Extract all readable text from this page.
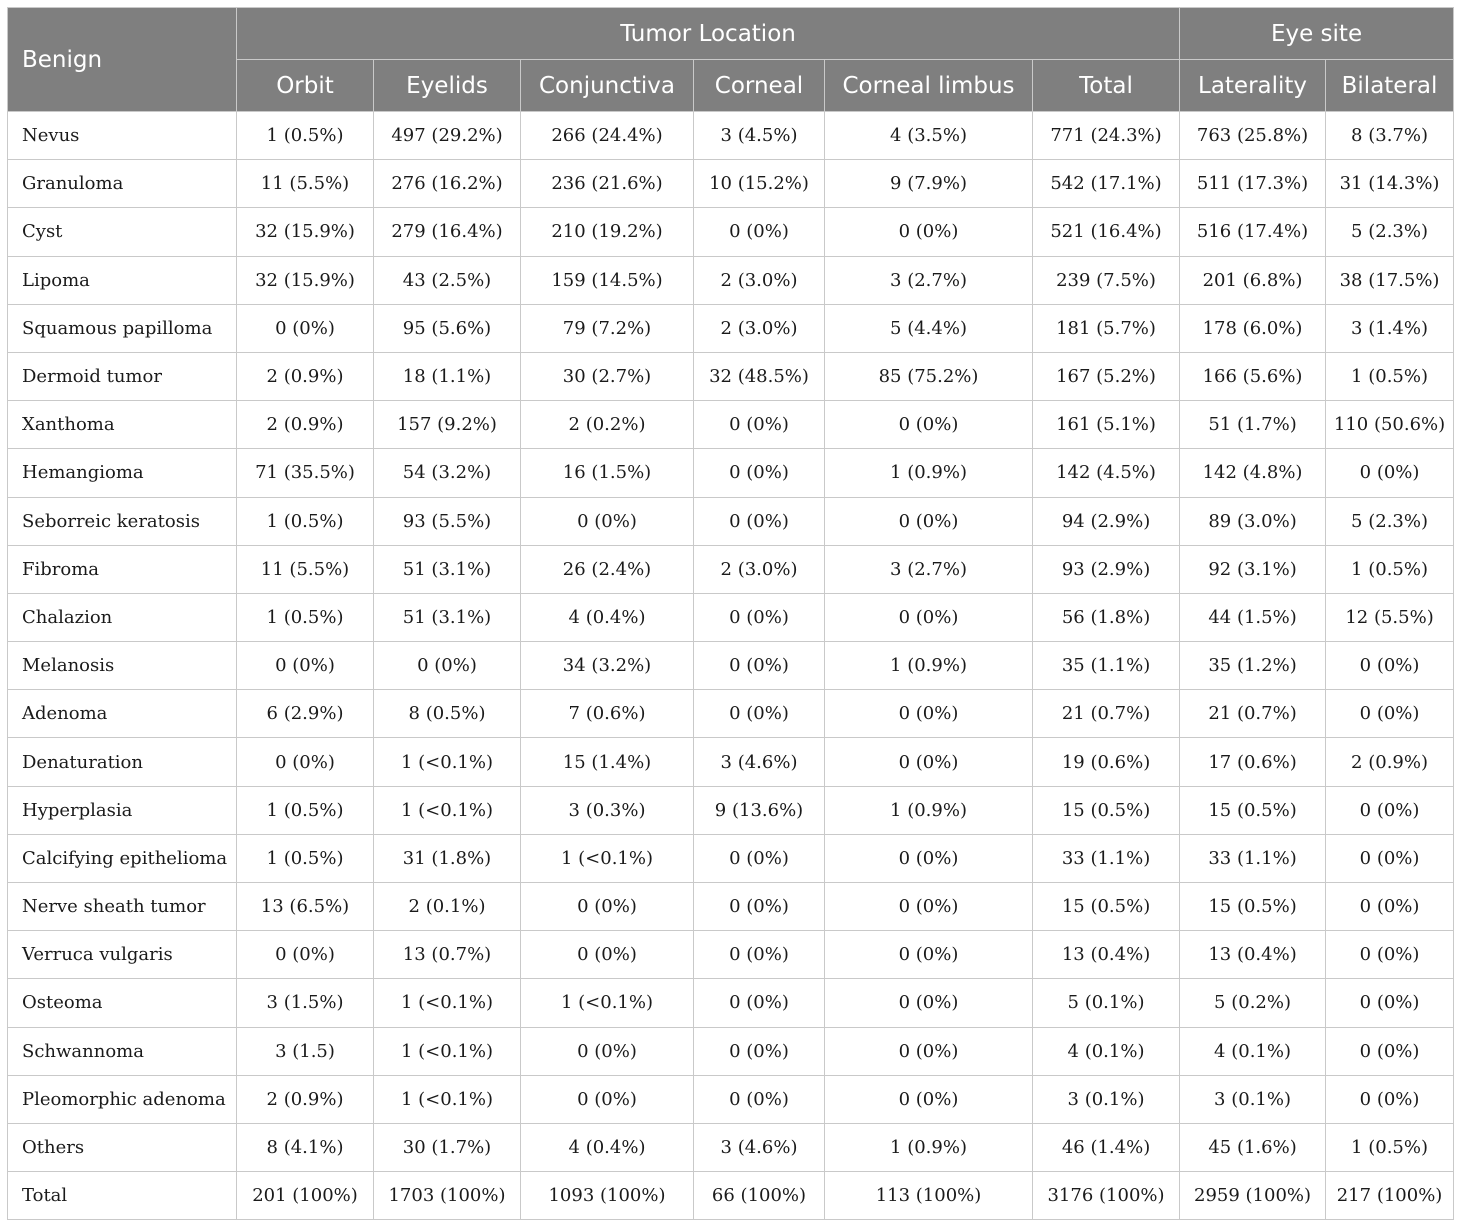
Benign	Tumor Location						Eye site	
	Orbit	Eyelids	Conjunctiva	Corneal	Corneal limbus	Total	Laterality	Bilateral
Nevus	1 (0.5%)	497 (29.2%)	266 (24.4%)	3 (4.5%)	4 (3.5%)	771 (24.3%)	763 (25.8%)	8 (3.7%)
Granuloma	11 (5.5%)	276 (16.2%)	236 (21.6%)	10 (15.2%)	9 (7.9%)	542 (17.1%)	511 (17.3%)	31 (14.3%)
Cyst	32 (15.9%)	279 (16.4%)	210 (19.2%)	0 (0%)	0 (0%)	521 (16.4%)	516 (17.4%)	5 (2.3%)
Lipoma	32 (15.9%)	43 (2.5%)	159 (14.5%)	2 (3.0%)	3 (2.7%)	239 (7.5%)	201 (6.8%)	38 (17.5%)
Squamous papilloma	0 (0%)	95 (5.6%)	79 (7.2%)	2 (3.0%)	5 (4.4%)	181 (5.7%)	178 (6.0%)	3 (1.4%)
Dermoid tumor	2 (0.9%)	18 (1.1%)	30 (2.7%)	32 (48.5%)	85 (75.2%)	167 (5.2%)	166 (5.6%)	1 (0.5%)
Xanthoma	2 (0.9%)	157 (9.2%)	2 (0.2%)	0 (0%)	0 (0%)	161 (5.1%)	51 (1.7%)	110 (50.6%)
Hemangioma	71 (35.5%)	54 (3.2%)	16 (1.5%)	0 (0%)	1 (0.9%)	142 (4.5%)	142 (4.8%)	0 (0%)
Seborreic keratosis	1 (0.5%)	93 (5.5%)	0 (0%)	0 (0%)	0 (0%)	94 (2.9%)	89 (3.0%)	5 (2.3%)
Fibroma	11 (5.5%)	51 (3.1%)	26 (2.4%)	2 (3.0%)	3 (2.7%)	93 (2.9%)	92 (3.1%)	1 (0.5%)
Chalazion	1 (0.5%)	51 (3.1%)	4 (0.4%)	0 (0%)	0 (0%)	56 (1.8%)	44 (1.5%)	12 (5.5%)
Melanosis	0 (0%)	0 (0%)	34 (3.2%)	0 (0%)	1 (0.9%)	35 (1.1%)	35 (1.2%)	0 (0%)
Adenoma	6 (2.9%)	8 (0.5%)	7 (0.6%)	0 (0%)	0 (0%)	21 (0.7%)	21 (0.7%)	0 (0%)
Denaturation	0 (0%)	1 (<0.1%)	15 (1.4%)	3 (4.6%)	0 (0%)	19 (0.6%)	17 (0.6%)	2 (0.9%)
Hyperplasia	1 (0.5%)	1 (<0.1%)	3 (0.3%)	9 (13.6%)	1 (0.9%)	15 (0.5%)	15 (0.5%)	0 (0%)
Calcifying epithelioma	1 (0.5%)	31 (1.8%)	1 (<0.1%)	0 (0%)	0 (0%)	33 (1.1%)	33 (1.1%)	0 (0%)
Nerve sheath tumor	13 (6.5%)	2 (0.1%)	0 (0%)	0 (0%)	0 (0%)	15 (0.5%)	15 (0.5%)	0 (0%)
Verruca vulgaris	0 (0%)	13 (0.7%)	0 (0%)	0 (0%)	0 (0%)	13 (0.4%)	13 (0.4%)	0 (0%)
Osteoma	3 (1.5%)	1 (<0.1%)	1 (<0.1%)	0 (0%)	0 (0%)	5 (0.1%)	5 (0.2%)	0 (0%)
Schwannoma	3 (1.5)	1 (<0.1%)	0 (0%)	0 (0%)	0 (0%)	4 (0.1%)	4 (0.1%)	0 (0%)
Pleomorphic adenoma	2 (0.9%)	1 (<0.1%)	0 (0%)	0 (0%)	0 (0%)	3 (0.1%)	3 (0.1%)	0 (0%)
Others	8 (4.1%)	30 (1.7%)	4 (0.4%)	3 (4.6%)	1 (0.9%)	46 (1.4%)	45 (1.6%)	1 (0.5%)
Total	201 (100%)	1703 (100%)	1093 (100%)	66 (100%)	113 (100%)	3176 (100%)	2959 (100%)	217 (100%)
